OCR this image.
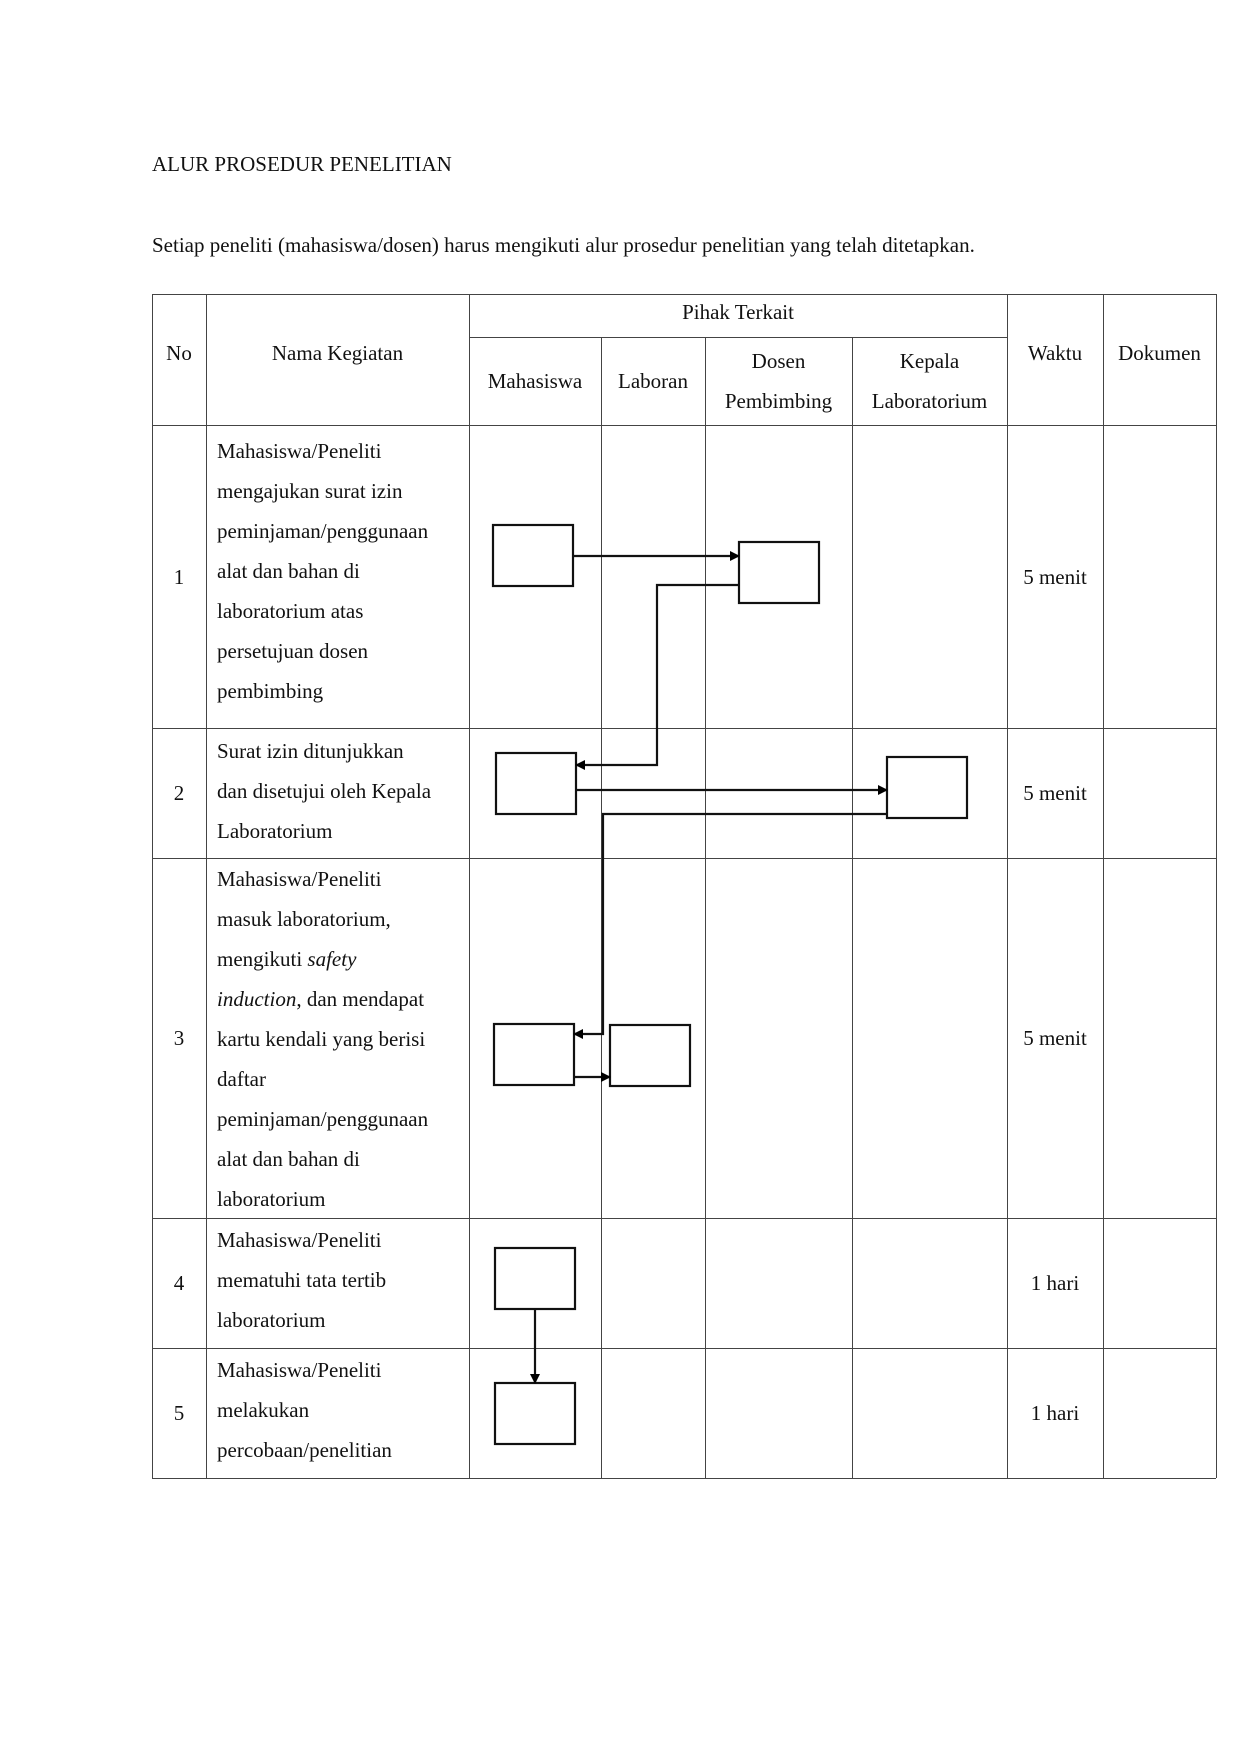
ALUR PROSEDUR PENELITIAN
Setiap peneliti (mahasiswa/dosen) harus mengikuti alur prosedur penelitian yang telah ditetapkan.
No	Nama Kegiatan
Pihak Terkait
Mahasiswa Laboran
Dosen
Pembimbing
Kepala
Laboratorium
Waktu Dokumen
1
Mahasiswa/Peneliti
mengajukan surat izin
peminjaman/penggunaan
alat dan bahan di
laboratorium atas
persetujuan dosen
pembimbing
5 menit
2
Surat izin ditunjukkan
dan disetujui oleh Kepala
Laboratorium
5 menit
3
Mahasiswa/Peneliti
masuk laboratorium,
mengikuti safety
induction, dan mendapat
kartu kendali yang berisi
daftar
peminjaman/penggunaan
alat dan bahan di
laboratorium
5 menit
4
Mahasiswa/Peneliti
mematuhi tata tertib
laboratorium
1 hari
5
Mahasiswa/Peneliti
melakukan
percobaan/penelitian
1 hari
